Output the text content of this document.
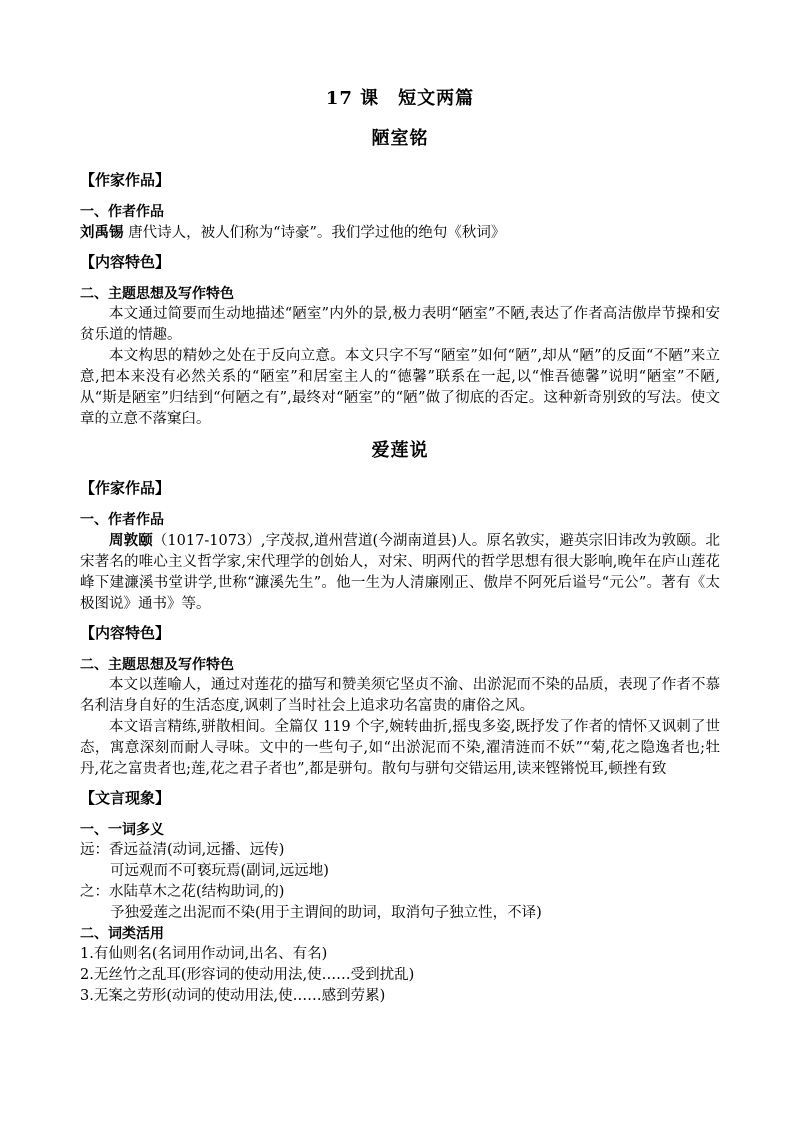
17 课　短文两篇
陋室铭
【作家作品】
一、作者作品
刘禹锡 唐代诗人，被人们称为“诗豪”。我们学过他的绝句《秋词》
【内容特色】
二、主题思想及写作特色
本文通过简要而生动地描述“陋室”内外的景,极力表明“陋室”不陋,表达了作者高洁傲岸节操和安贫乐道的情趣。
本文构思的精妙之处在于反向立意。本文只字不写“陋室”如何“陋”,却从“陋”的反面“不陋”来立意,把本来没有必然关系的“陋室”和居室主人的“德馨”联系在一起,以“惟吾德馨”说明“陋室”不陋,从“斯是陋室”归结到“何陋之有”,最终对“陋室”的“陋”做了彻底的否定。这种新奇别致的写法。使文章的立意不落窠臼。
爱莲说
【作家作品】
一、作者作品
周敦颐（1017-1073）,字茂叔,道州营道(今湖南道县)人。原名敦实，避英宗旧讳改为敦颐。北宋著名的唯心主义哲学家,宋代理学的创始人，对宋、明两代的哲学思想有很大影响,晚年在庐山莲花峰下建濂溪书堂讲学,世称“濂溪先生”。他一生为人清廉刚正、傲岸不阿死后谥号“元公”。著有《太极图说》通书》等。
【内容特色】
二、主题思想及写作特色
本文以莲喻人，通过对莲花的描写和赞美须它坚贞不渝、出淤泥而不染的品质，表现了作者不慕名利洁身自好的生活态度,讽刺了当时社会上追求功名富贵的庸俗之风。
本文语言精练,骈散相间。全篇仅 119 个字,婉转曲折,摇曳多姿,既抒发了作者的情怀又讽刺了世态，寓意深刻而耐人寻味。文中的一些句子,如“出淤泥而不染,濯清涟而不妖”“菊,花之隐逸者也;牡丹,花之富贵者也;莲,花之君子者也”,都是骈句。散句与骈句交错运用,读来铿锵悦耳,顿挫有致
【文言现象】
一、一词多义
远：香远益清(动词,远播、远传)
可远观而不可亵玩焉(副词,远远地)
之：水陆草木之花(结构助词,的)
予独爱莲之出泥而不染(用于主谓间的助词，取消句子独立性，不译)
二、词类活用
1.有仙则名(名词用作动词,出名、有名)
2.无丝竹之乱耳(形容词的使动用法,使……受到扰乱)
3.无案之劳形(动词的使动用法,使……感到劳累)
